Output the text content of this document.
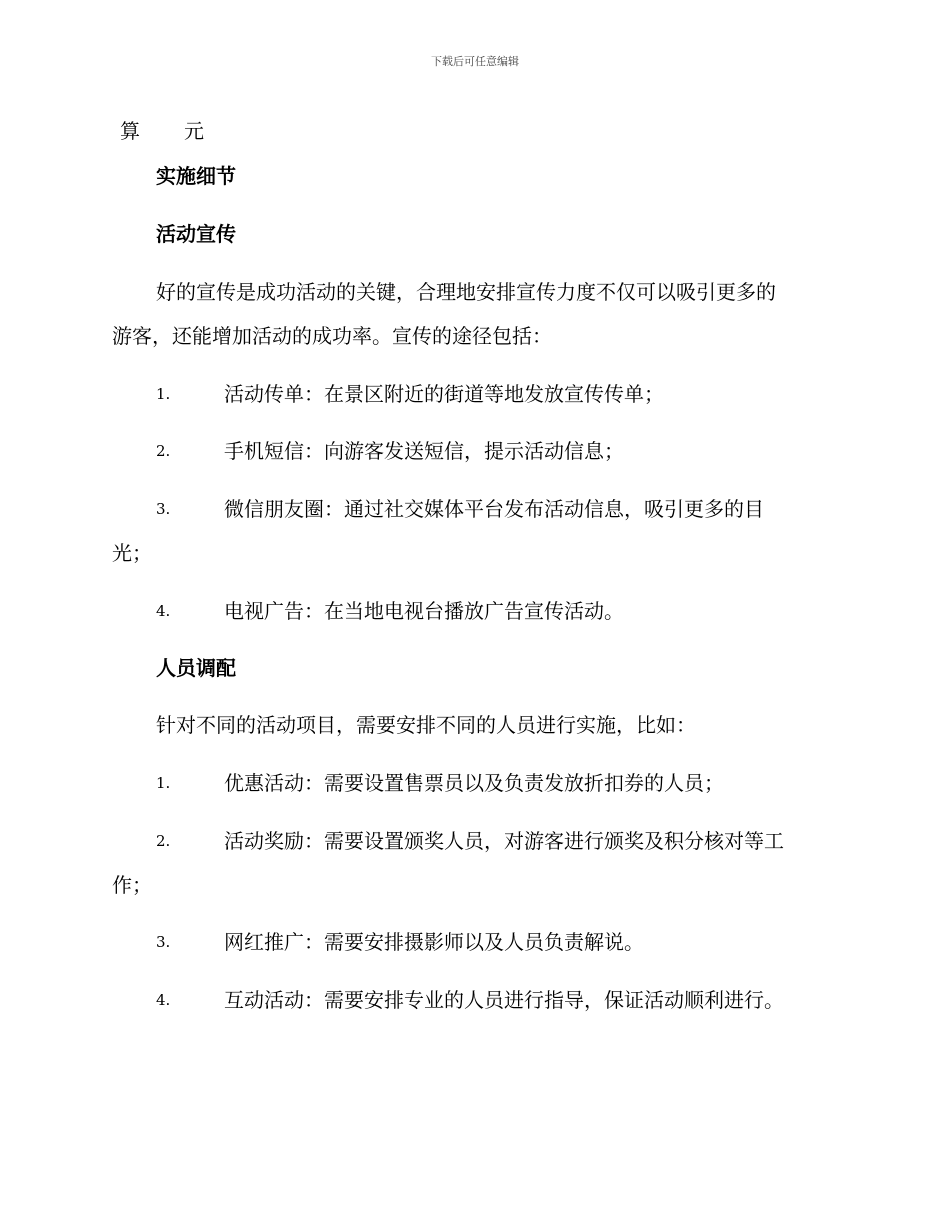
下载后可任意编辑
算 元
实施细节
活动宣传
好的宣传是成功活动的关键，合理地安排宣传力度不仅可以吸引更多的
游客，还能增加活动的成功率。宣传的途径包括：
1.	活动传单：在景区附近的街道等地发放宣传传单；
2.	手机短信：向游客发送短信，提示活动信息；
3.	微信朋友圈：通过社交媒体平台发布活动信息，吸引更多的目
光；
4.	电视广告：在当地电视台播放广告宣传活动。
人员调配
针对不同的活动项目，需要安排不同的人员进行实施，比如：
1.	优惠活动：需要设置售票员以及负责发放折扣券的人员；
2.	活动奖励：需要设置颁奖人员，对游客进行颁奖及积分核对等工
作；
3.	网红推广：需要安排摄影师以及人员负责解说。
4.	互动活动：需要安排专业的人员进行指导，保证活动顺利进行。
